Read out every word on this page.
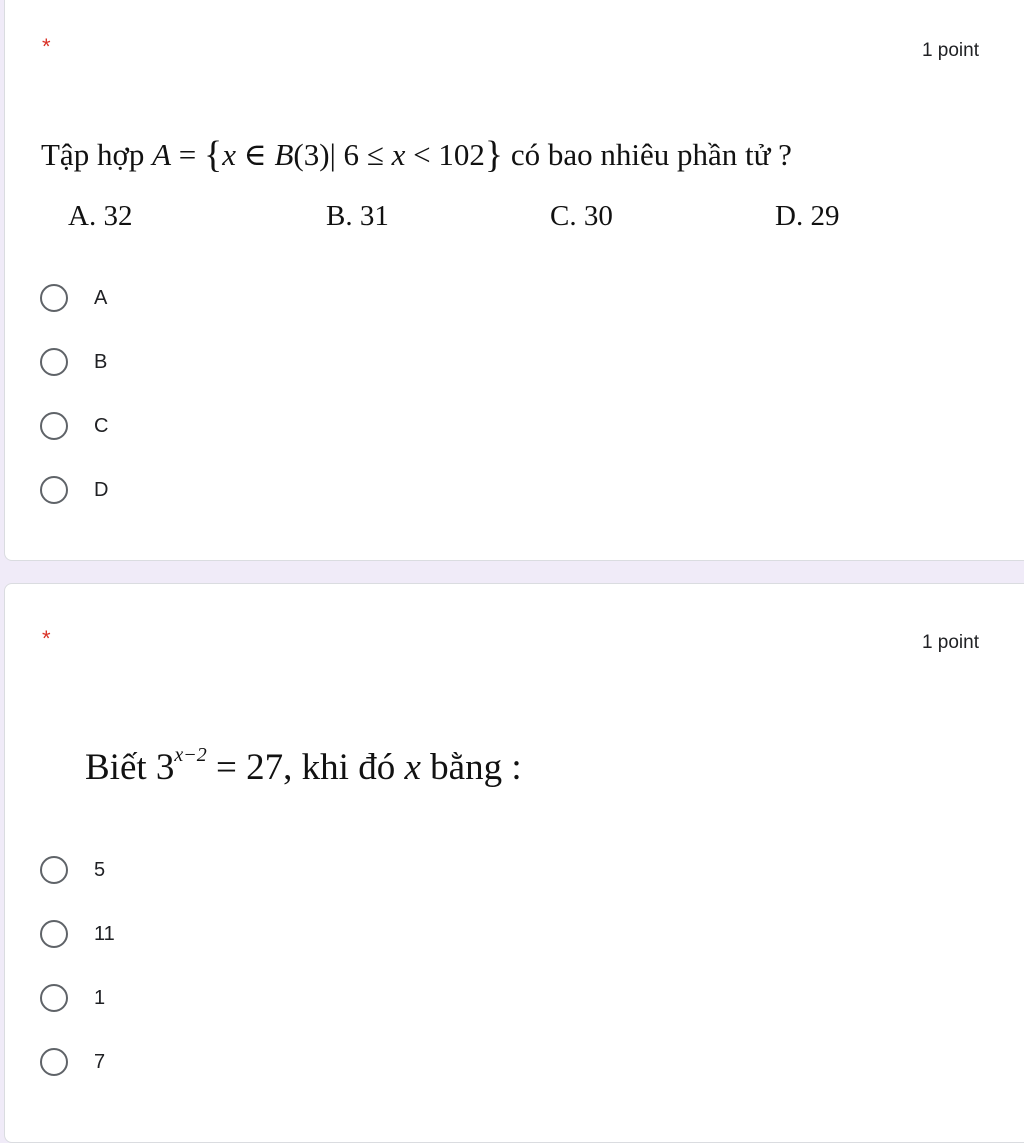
*	1 point
Tập hợp A = {x ∈ B(3)| 6 ≤ x < 102} có bao nhiêu phần tử ?
A. 32	B. 31	C. 30	D. 29
A
B
C
D
*	1 point
Biết $3^{x-2} = 27$, khi đó x bằng :
5
11
1
7
